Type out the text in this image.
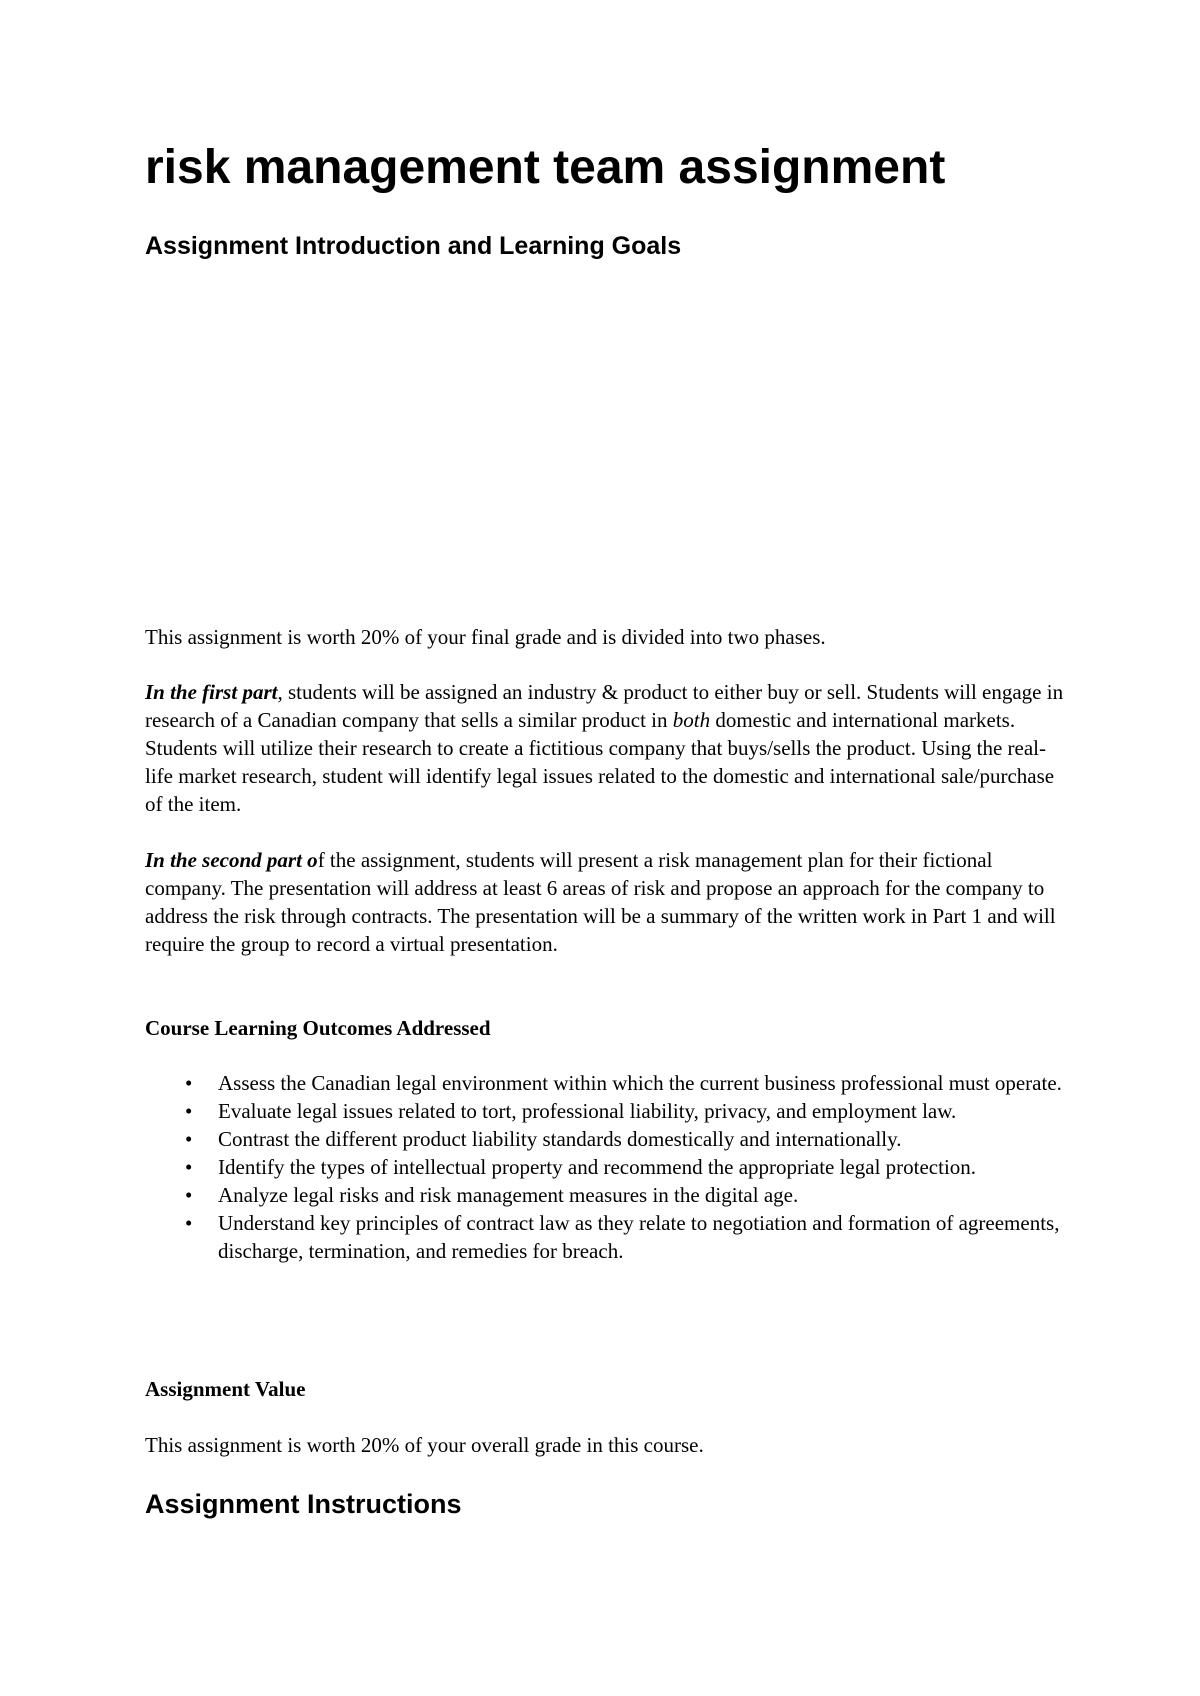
risk management team assignment
Assignment Introduction and Learning Goals

This assignment is worth 20% of your final grade and is divided into two phases.

In the first part, students will be assigned an industry & product to either buy or sell. Students will engage in research of a Canadian company that sells a similar product in both domestic and international markets. Students will utilize their research to create a fictitious company that buys/sells the product. Using the real-life market research, student will identify legal issues related to the domestic and international sale/purchase of the item.

In the second part of the assignment, students will present a risk management plan for their fictional company. The presentation will address at least 6 areas of risk and propose an approach for the company to address the risk through contracts. The presentation will be a summary of the written work in Part 1 and will require the group to record a virtual presentation.

Course Learning Outcomes Addressed
• Assess the Canadian legal environment within which the current business professional must operate.
• Evaluate legal issues related to tort, professional liability, privacy, and employment law.
• Contrast the different product liability standards domestically and internationally.
• Identify the types of intellectual property and recommend the appropriate legal protection.
• Analyze legal risks and risk management measures in the digital age.
• Understand key principles of contract law as they relate to negotiation and formation of agreements, discharge, termination, and remedies for breach.
Assignment Value

This assignment is worth 20% of your overall grade in this course.

Assignment Instructions
